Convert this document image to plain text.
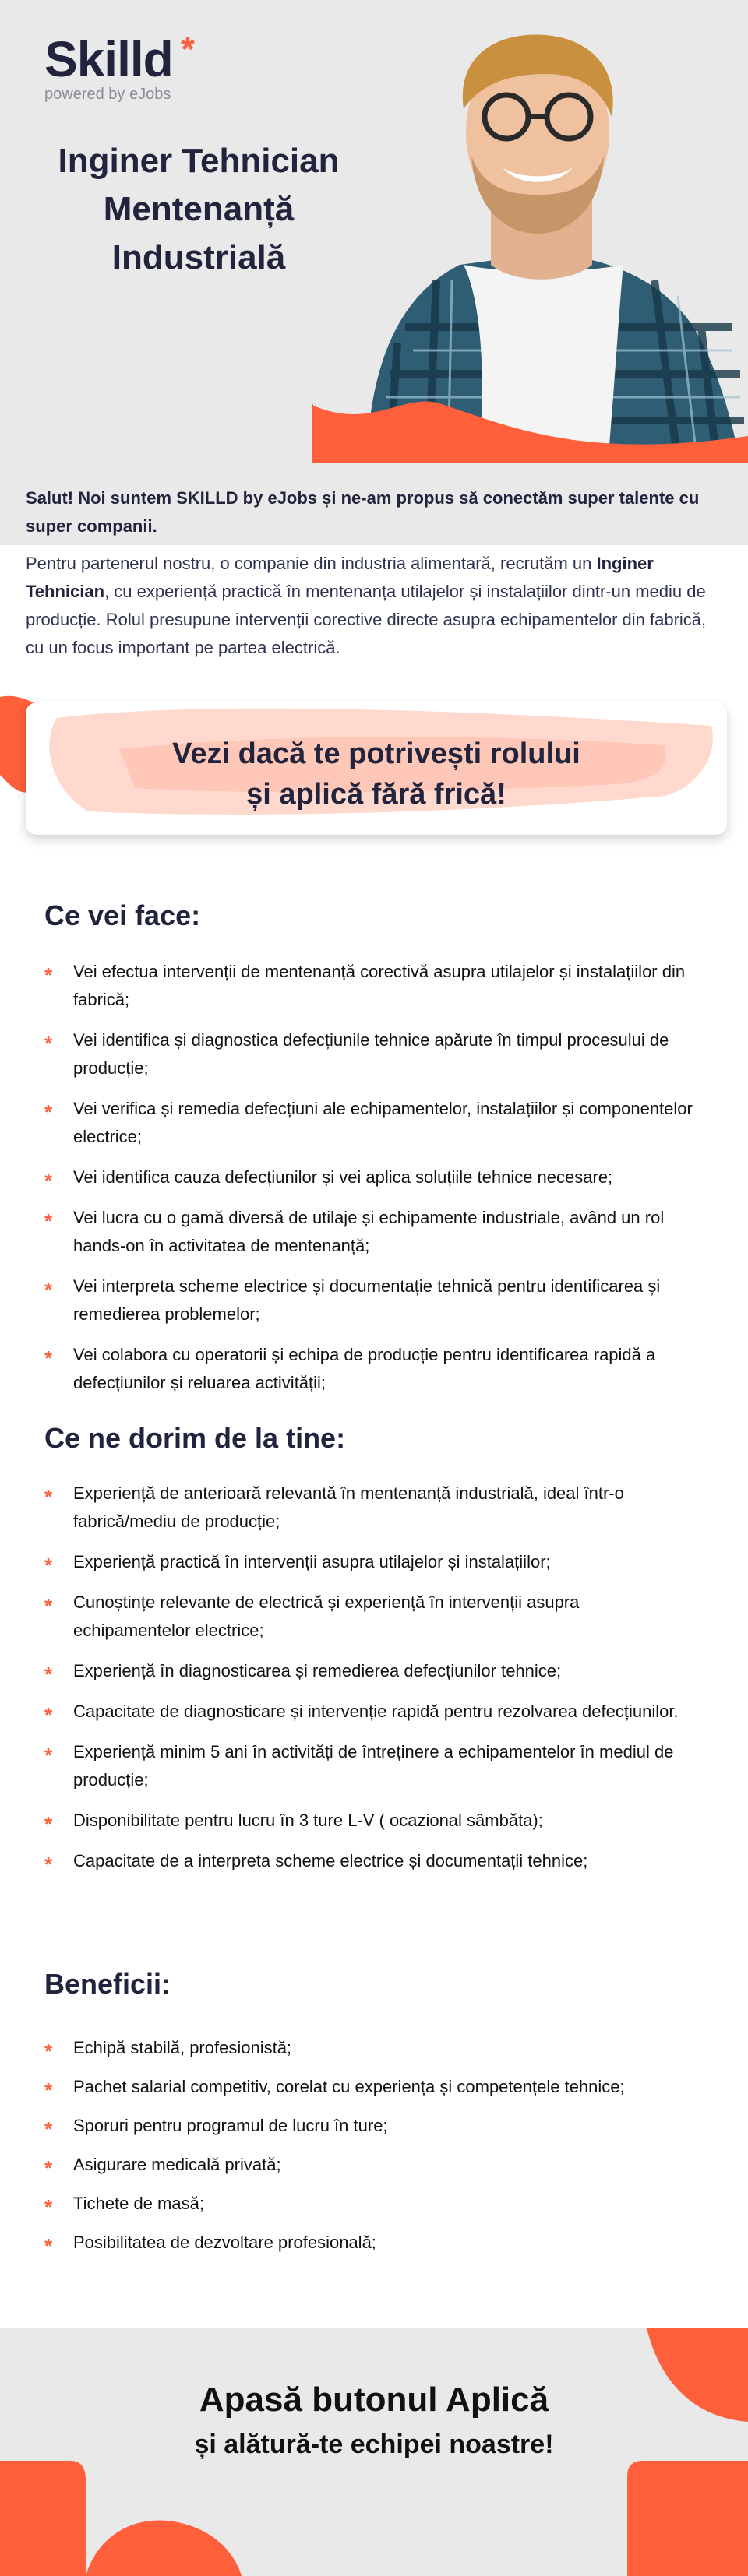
Skilld *
powered by eJobs
Inginer Tehnician
Mentenanță
Industrială
Salut! Noi suntem SKILLD by eJobs și ne-am propus să conectăm super talente cu super companii.
Pentru partenerul nostru, o companie din industria alimentară, recrutăm un Inginer Tehnician, cu experiență practică în mentenanța utilajelor și instalațiilor dintr-un mediu de producție. Rolul presupune intervenții corective directe asupra echipamentelor din fabrică, cu un focus important pe partea electrică.
Vezi dacă te potrivești rolului
și aplică fără frică!
Ce vei face:
* Vei efectua intervenții de mentenanță corectivă asupra utilajelor și instalațiilor din fabrică;
* Vei identifica și diagnostica defecțiunile tehnice apărute în timpul procesului de producție;
* Vei verifica și remedia defecțiuni ale echipamentelor, instalațiilor și componentelor electrice;
* Vei identifica cauza defecțiunilor și vei aplica soluțiile tehnice necesare;
* Vei lucra cu o gamă diversă de utilaje și echipamente industriale, având un rol hands-on în activitatea de mentenanță;
* Vei interpreta scheme electrice și documentație tehnică pentru identificarea și remedierea problemelor;
* Vei colabora cu operatorii și echipa de producție pentru identificarea rapidă a defecțiunilor și reluarea activității;
Ce ne dorim de la tine:
* Experiență de anterioară relevantă în mentenanță industrială, ideal într-o fabrică/mediu de producție;
* Experiență practică în intervenții asupra utilajelor și instalațiilor;
* Cunoștințe relevante de electrică și experiență în intervenții asupra echipamentelor electrice;
* Experiență în diagnosticarea și remedierea defecțiunilor tehnice;
* Capacitate de diagnosticare și intervenție rapidă pentru rezolvarea defecțiunilor.
* Experiență minim 5 ani în activități de întreținere a echipamentelor în mediul de producție;
* Disponibilitate pentru lucru în 3 ture L-V ( ocazional sâmbăta);
* Capacitate de a interpreta scheme electrice și documentații tehnice;
Beneficii:
* Echipă stabilă, profesionistă;
* Pachet salarial competitiv, corelat cu experiența și competențele tehnice;
* Sporuri pentru programul de lucru în ture;
* Asigurare medicală privată;
* Tichete de masă;
* Posibilitatea de dezvoltare profesională;
Apasă butonul Aplică
și alătură-te echipei noastre!
